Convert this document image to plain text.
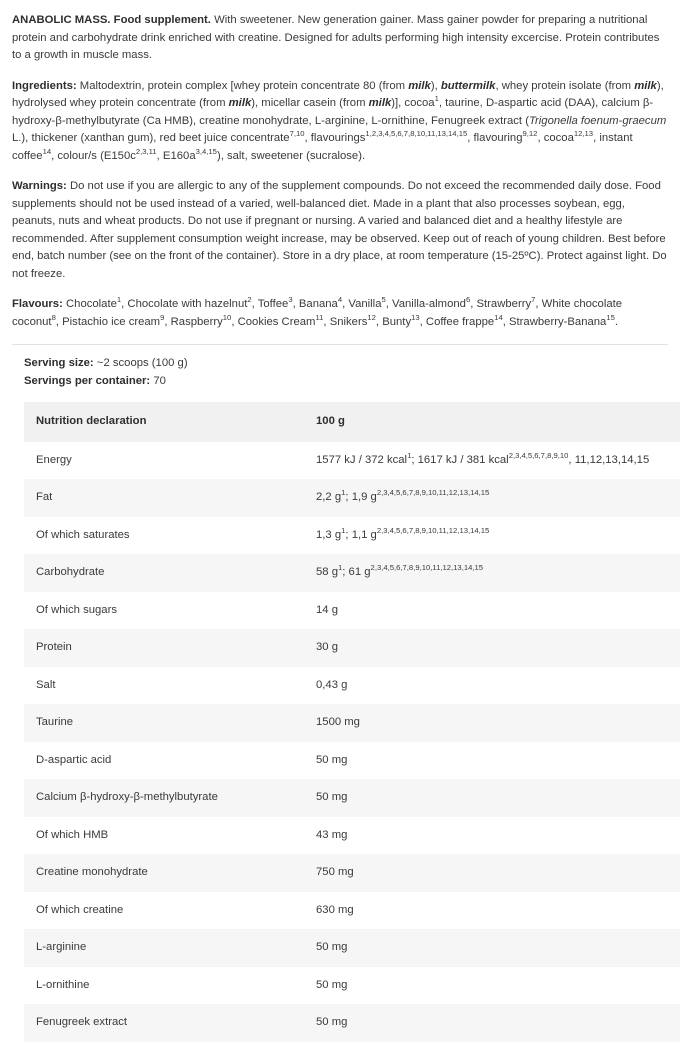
ANABOLIC MASS. Food supplement. With sweetener. New generation gainer. Mass gainer powder for preparing a nutritional protein and carbohydrate drink enriched with creatine. Designed for adults performing high intensity excercise. Protein contributes to a growth in muscle mass.

Ingredients: Maltodextrin, protein complex [whey protein concentrate 80 (from milk), buttermilk, whey protein isolate (from milk), hydrolysed whey protein concentrate (from milk), micellar casein (from milk)], cocoa$^1$, taurine, D-aspartic acid (DAA), calcium β-hydroxy-β-methylbutyrate (Ca HMB), creatine monohydrate, L-arginine, L-ornithine, Fenugreek extract (Trigonella foenum-graecum L.), thickener (xanthan gum), red beet juice concentrate$^{7,10}$, flavourings$^{1,2,3,4,5,6,7,8,10,11,13,14,15}$, flavouring$^{9,12}$, cocoa$^{12,13}$, instant coffee$^{14}$, colour/s ($E150c^{2,3,11}$, $E160a^{3,4,15}$), salt, sweetener (sucralose).

Warnings: Do not use if you are allergic to any of the supplement compounds. Do not exceed the recommended daily dose. Food supplements should not be used instead of a varied, well-balanced diet. Made in a plant that also processes soybean, egg, peanuts, nuts and wheat products. Do not use if pregnant or nursing. A varied and balanced diet and a healthy lifestyle are recommended. After supplement consumption weight increase, may be observed. Keep out of reach of young children. Best before end, batch number (see on the front of the container). Store in a dry place, at room temperature (15-25ºC). Protect against light. Do not freeze.

Flavours: Chocolate$^1$, Chocolate with hazelnut$^2$, Toffee$^3$, Banana$^4$, Vanilla$^5$, Vanilla-almond$^6$, Strawberry$^7$, White chocolate coconut$^8$, Pistachio ice cream$^9$, Raspberry$^{10}$, Cookies Cream$^{11}$, Snikers$^{12}$, Bunty$^{13}$, Coffee frappe$^{14}$, Strawberry-Banana$^{15}$.

Serving size: ~2 scoops (100 g)
Servings per container: 70
Nutrition declaration	100 g
Energy	1577 kJ / 372 kcal$^1$; 1617 kJ / 381 kcal$^{2,3,4,5,6,7,8,9,10}$, 11,12,13,14,15
Fat	2,2 $g^1$; 1,9 $g^{2,3,4,5,6,7,8,9,10,11,12,13,14,15}$
Of which saturates	1,3 $g^1$; 1,1 $g^{2,3,4,5,6,7,8,9,10,11,12,13,14,15}$
Carbohydrate	58 $g^1$; 61 $g^{2,3,4,5,6,7,8,9,10,11,12,13,14,15}$
Of which sugars	14 g
Protein	30 g
Salt	0,43 g
Taurine	1500 mg
D-aspartic acid	50 mg
Calcium β-hydroxy-β-methylbutyrate	50 mg
Of which HMB	43 mg
Creatine monohydrate	750 mg
Of which creatine	630 mg
L-arginine	50 mg
L-ornithine	50 mg
Fenugreek extract	50 mg
